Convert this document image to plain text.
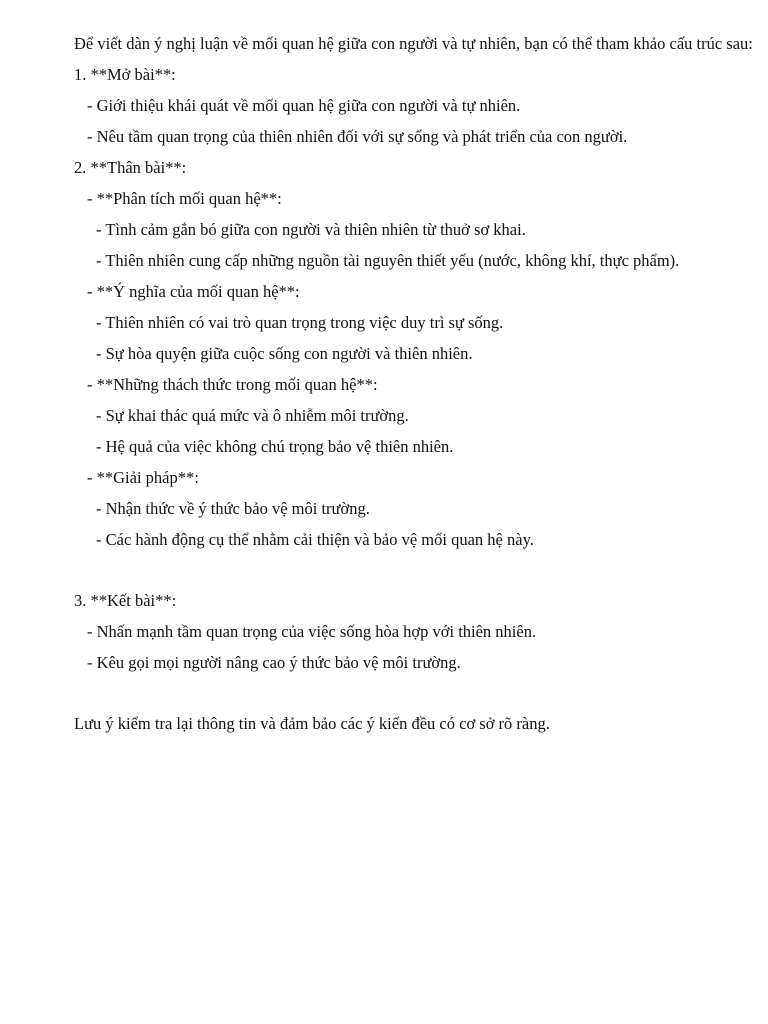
Để viết dàn ý nghị luận về mối quan hệ giữa con người và tự nhiên, bạn có thể tham khảo cấu trúc sau:
1. **Mở bài**:
- Giới thiệu khái quát về mối quan hệ giữa con người và tự nhiên.
- Nêu tầm quan trọng của thiên nhiên đối với sự sống và phát triển của con người.
2. **Thân bài**:
- **Phân tích mối quan hệ**:
- Tình cảm gắn bó giữa con người và thiên nhiên từ thuở sơ khai.
- Thiên nhiên cung cấp những nguồn tài nguyên thiết yếu (nước, không khí, thực phẩm).
- **Ý nghĩa của mối quan hệ**:
- Thiên nhiên có vai trò quan trọng trong việc duy trì sự sống.
- Sự hòa quyện giữa cuộc sống con người và thiên nhiên.
- **Những thách thức trong mối quan hệ**:
- Sự khai thác quá mức và ô nhiễm môi trường.
- Hệ quả của việc không chú trọng bảo vệ thiên nhiên.
- **Giải pháp**:
- Nhận thức về ý thức bảo vệ môi trường.
- Các hành động cụ thể nhằm cải thiện và bảo vệ mối quan hệ này.
3. **Kết bài**:
- Nhấn mạnh tầm quan trọng của việc sống hòa hợp với thiên nhiên.
- Kêu gọi mọi người nâng cao ý thức bảo vệ môi trường.
Lưu ý kiểm tra lại thông tin và đảm bảo các ý kiến đều có cơ sở rõ ràng.
